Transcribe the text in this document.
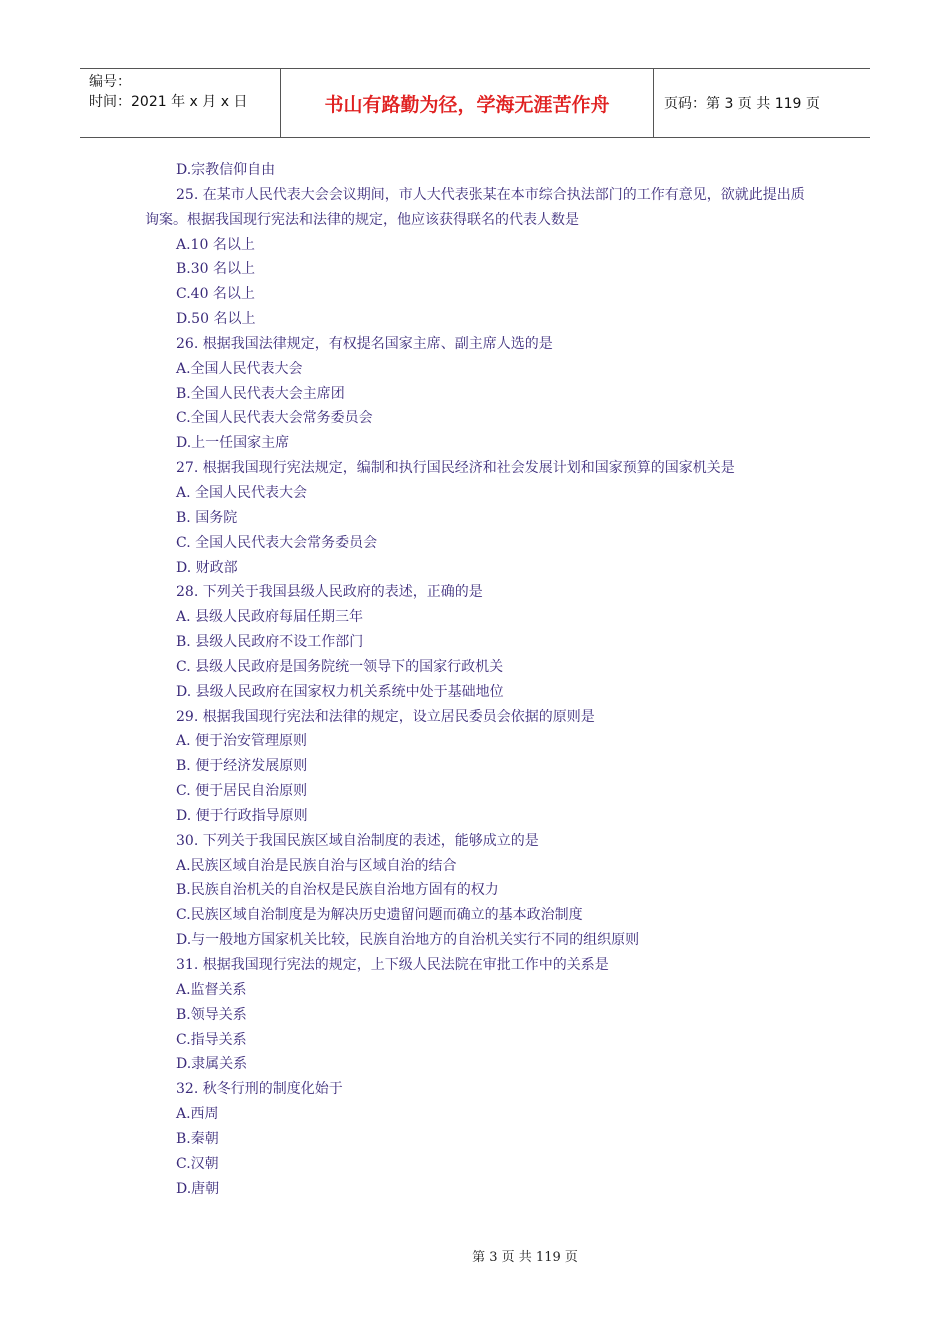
编号：
时间：2021 年 x 月 x 日	书山有路勤为径，学海无涯苦作舟	页码：第 3 页 共 119 页
D.宗教信仰自由
25. 在某市人民代表大会会议期间，市人大代表张某在本市综合执法部门的工作有意见，欲就此提出质询案。根据我国现行宪法和法律的规定，他应该获得联名的代表人数是
A.10 名以上
B.30 名以上
C.40 名以上
D.50 名以上
26. 根据我国法律规定，有权提名国家主席、副主席人选的是
A.全国人民代表大会
B.全国人民代表大会主席团
C.全国人民代表大会常务委员会
D.上一任国家主席
27. 根据我国现行宪法规定，编制和执行国民经济和社会发展计划和国家预算的国家机关是
A. 全国人民代表大会
B. 国务院
C. 全国人民代表大会常务委员会
D. 财政部
28. 下列关于我国县级人民政府的表述，正确的是
A. 县级人民政府每届任期三年
B. 县级人民政府不设工作部门
C. 县级人民政府是国务院统一领导下的国家行政机关
D. 县级人民政府在国家权力机关系统中处于基础地位
29. 根据我国现行宪法和法律的规定，设立居民委员会依据的原则是
A. 便于治安管理原则
B. 便于经济发展原则
C. 便于居民自治原则
D. 便于行政指导原则
30. 下列关于我国民族区域自治制度的表述，能够成立的是
A.民族区域自治是民族自治与区域自治的结合
B.民族自治机关的自治权是民族自治地方固有的权力
C.民族区域自治制度是为解决历史遗留问题而确立的基本政治制度
D.与一般地方国家机关比较，民族自治地方的自治机关实行不同的组织原则
31. 根据我国现行宪法的规定，上下级人民法院在审批工作中的关系是
A.监督关系
B.领导关系
C.指导关系
D.隶属关系
32. 秋冬行刑的制度化始于
A.西周
B.秦朝
C.汉朝
D.唐朝
第 3 页 共 119 页
